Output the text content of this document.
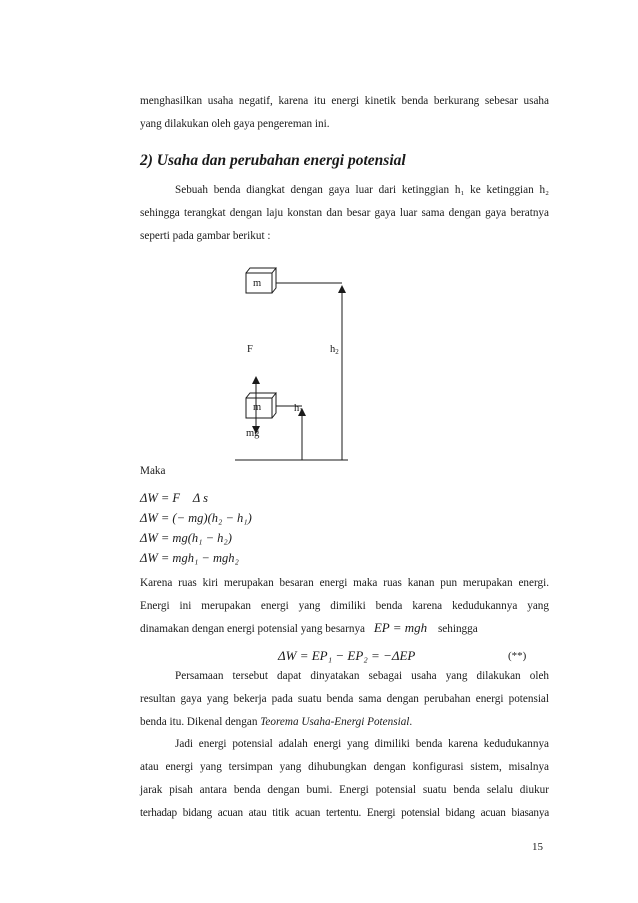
menghasilkan usaha negatif, karena itu energi kinetik benda berkurang sebesar usaha

yang dilakukan oleh gaya pengereman ini.

2) Usaha dan perubahan energi potensial

Sebuah benda diangkat dengan gaya luar dari ketinggian h₁ ke ketinggian h₂

sehingga terangkat dengan laju konstan dan besar gaya luar sama dengan gaya beratnya

seperti pada gambar berikut :

m
m
F
mg
$h_1$
$h_2$

Maka

ΔW = F⃗ Δ s⃗
ΔW = (− mg)(h₂ − h₁)
ΔW = mg(h₁ − h₂)
ΔW = mgh₁ − mgh₂

Karena ruas kiri merupakan besaran energi maka ruas kanan pun merupakan energi.

Energi ini merupakan energi yang dimiliki benda karena kedudukannya yang

dinamakan dengan energi potensial yang besarnya EP = mgh sehingga
ΔW = EP₁ − EP₂ = −ΔEP	(**)

Persamaan tersebut dapat dinyatakan sebagai usaha yang dilakukan oleh

resultan gaya yang bekerja pada suatu benda sama dengan perubahan energi potensial

benda itu. Dikenal dengan Teorema Usaha-Energi Potensial.

Jadi energi potensial adalah energi yang dimiliki benda karena kedudukannya

atau energi yang tersimpan yang dihubungkan dengan konfigurasi sistem, misalnya

jarak pisah antara benda dengan bumi. Energi potensial suatu benda selalu diukur

terhadap bidang acuan atau titik acuan tertentu. Energi potensial bidang acuan biasanya

15
